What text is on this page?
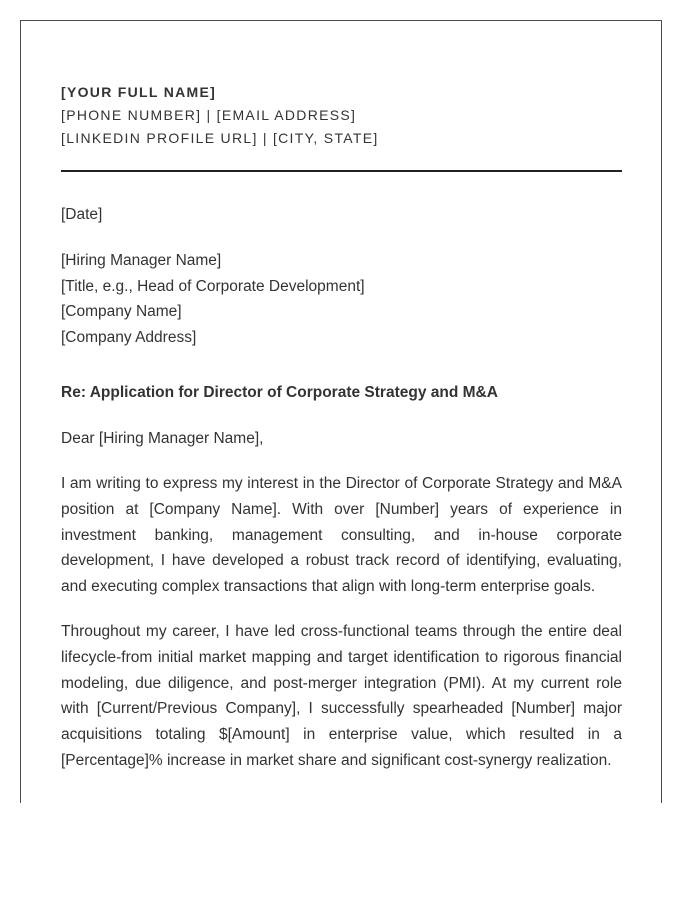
[YOUR FULL NAME]
[PHONE NUMBER] | [EMAIL ADDRESS]
[LINKEDIN PROFILE URL] | [CITY, STATE]
[Date]
[Hiring Manager Name]
[Title, e.g., Head of Corporate Development]
[Company Name]
[Company Address]
Re: Application for Director of Corporate Strategy and M&A
Dear [Hiring Manager Name],

I am writing to express my interest in the Director of Corporate Strategy and M&A position at [Company Name]. With over [Number] years of experience in investment banking, management consulting, and in-house corporate development, I have developed a robust track record of identifying, evaluating, and executing complex transactions that align with long-term enterprise goals.

Throughout my career, I have led cross-functional teams through the entire deal lifecycle-from initial market mapping and target identification to rigorous financial modeling, due diligence, and post-merger integration (PMI). At my current role with [Current/Previous Company], I successfully spearheaded [Number] major acquisitions totaling $[Amount] in enterprise value, which resulted in a [Percentage]% increase in market share and significant cost-synergy realization.
